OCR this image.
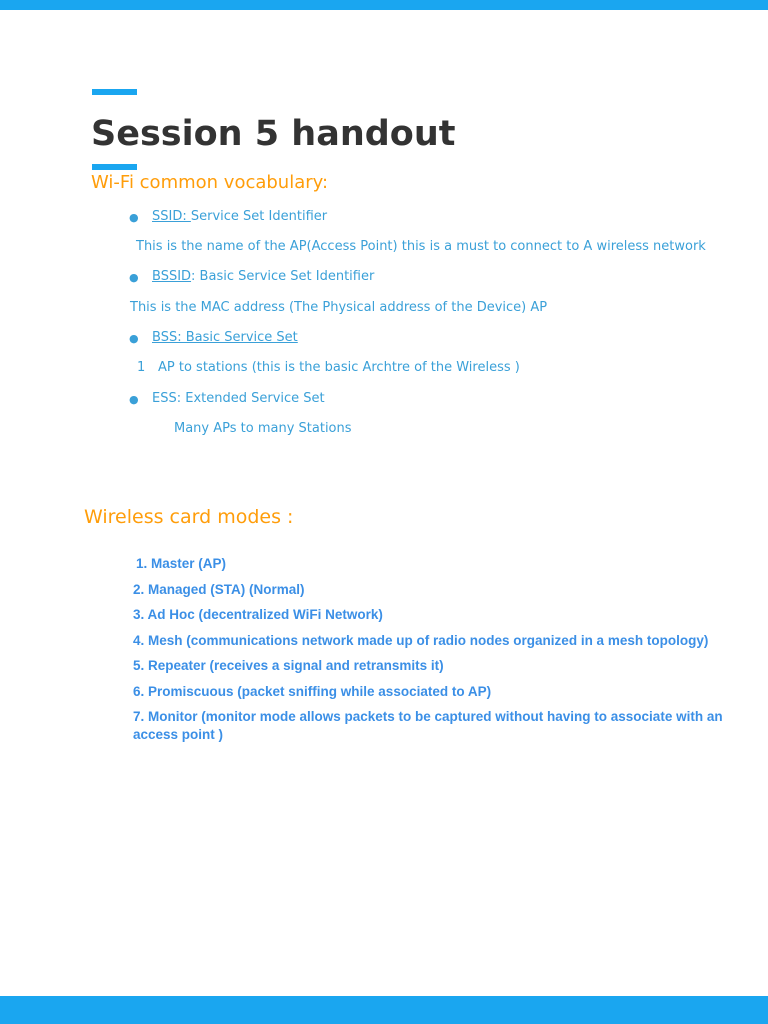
Session 5 handout
Wi-Fi common vocabulary:
● SSID: Service Set Identifier
This is the name of the AP(Access Point) this is a must to connect to A wireless network
● BSSID: Basic Service Set Identifier
This is the MAC address (The Physical address of the Device) AP
● BSS: Basic Service Set
1 AP to stations (this is the basic Archtre of the Wireless )
● ESS: Extended Service Set
Many APs to many Stations
Wireless card modes :
1. Master (AP)
2. Managed (STA) (Normal)
3. Ad Hoc (decentralized WiFi Network)
4. Mesh (communications network made up of radio nodes organized in a mesh topology)
5. Repeater (receives a signal and retransmits it)
6. Promiscuous (packet sniffing while associated to AP)
7. Monitor (monitor mode allows packets to be captured without having to associate with an access point )
